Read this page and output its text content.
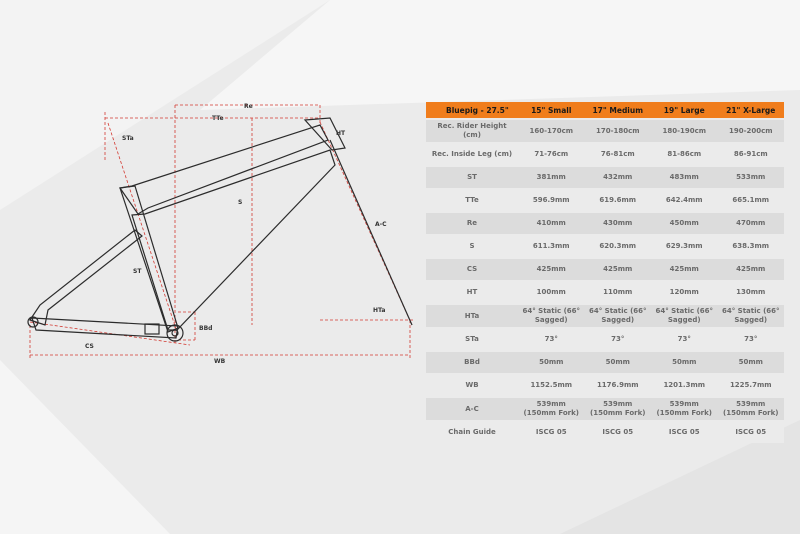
Re
TTe
HT
STa
S
A-C
ST
HTa
BBd
CS
WB
Bluepig - 27.5"	15" Small	17" Medium	19" Large	21" X-Large
Rec. Rider Height (cm)	160-170cm	170-180cm	180-190cm	190-200cm
Rec. Inside Leg (cm)	71-76cm	76-81cm	81-86cm	86-91cm
ST	381mm	432mm	483mm	533mm
TTe	596.9mm	619.6mm	642.4mm	665.1mm
Re	410mm	430mm	450mm	470mm
S	611.3mm	620.3mm	629.3mm	638.3mm
CS	425mm	425mm	425mm	425mm
HT	100mm	110mm	120mm	130mm
HTa	64° Static (66° Sagged)	64° Static (66° Sagged)	64° Static (66° Sagged)	64° Static (66° Sagged)
STa	73°	73°	73°	73°
BBd	50mm	50mm	50mm	50mm
WB	1152.5mm	1176.9mm	1201.3mm	1225.7mm
A-C	539mm (150mm Fork)	539mm (150mm Fork)	539mm (150mm Fork)	539mm (150mm Fork)
Chain Guide	ISCG 05	ISCG 05	ISCG 05	ISCG 05
